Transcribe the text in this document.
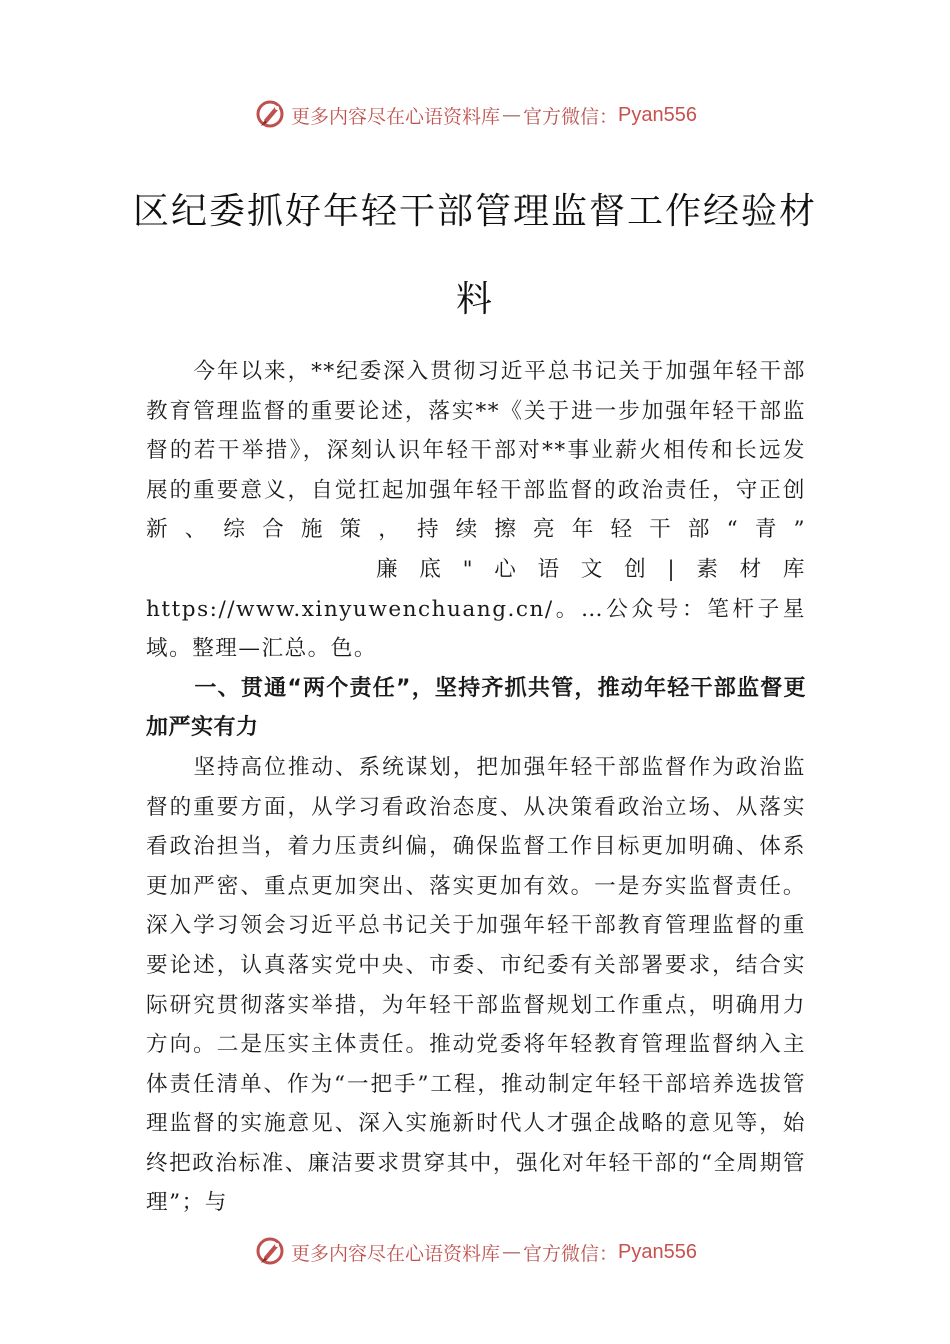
更多内容尽在心语资料库 — 官方微信： Pyan556
区纪委抓好年轻干部管理监督工作经验材料

今年以来，**纪委深入贯彻习近平总书记关于加强年轻干部教育管理监督的重要论述，落实**《关于进一步加强年轻干部监督的若干举措》，深刻认识年轻干部对**事业薪火相传和长远发展的重要意义，自觉扛起加强年轻干部监督的政治责任，守正创新、综合施策，持续擦亮年轻干部“青”

廉底"心语文创|素材库

https://www.xinyuwenchuang.cn/。…公众号：笔杆子星域。整理—汇总。色。

一、贯通“两个责任”，坚持齐抓共管，推动年轻干部监督更加严实有力

坚持高位推动、系统谋划，把加强年轻干部监督作为政治监督的重要方面，从学习看政治态度、从决策看政治立场、从落实看政治担当，着力压责纠偏，确保监督工作目标更加明确、体系更加严密、重点更加突出、落实更加有效。一是夯实监督责任。深入学习领会习近平总书记关于加强年轻干部教育管理监督的重要论述，认真落实党中央、市委、市纪委有关部署要求，结合实际研究贯彻落实举措，为年轻干部监督规划工作重点，明确用力方向。二是压实主体责任。推动党委将年轻教育管理监督纳入主体责任清单、作为“一把手”工程，推动制定年轻干部培养选拔管理监督的实施意见、深入实施新时代人才强企战略的意见等，始终把政治标准、廉洁要求贯穿其中，强化对年轻干部的“全周期管理”；与

更多内容尽在心语资料库 — 官方微信： Pyan556
